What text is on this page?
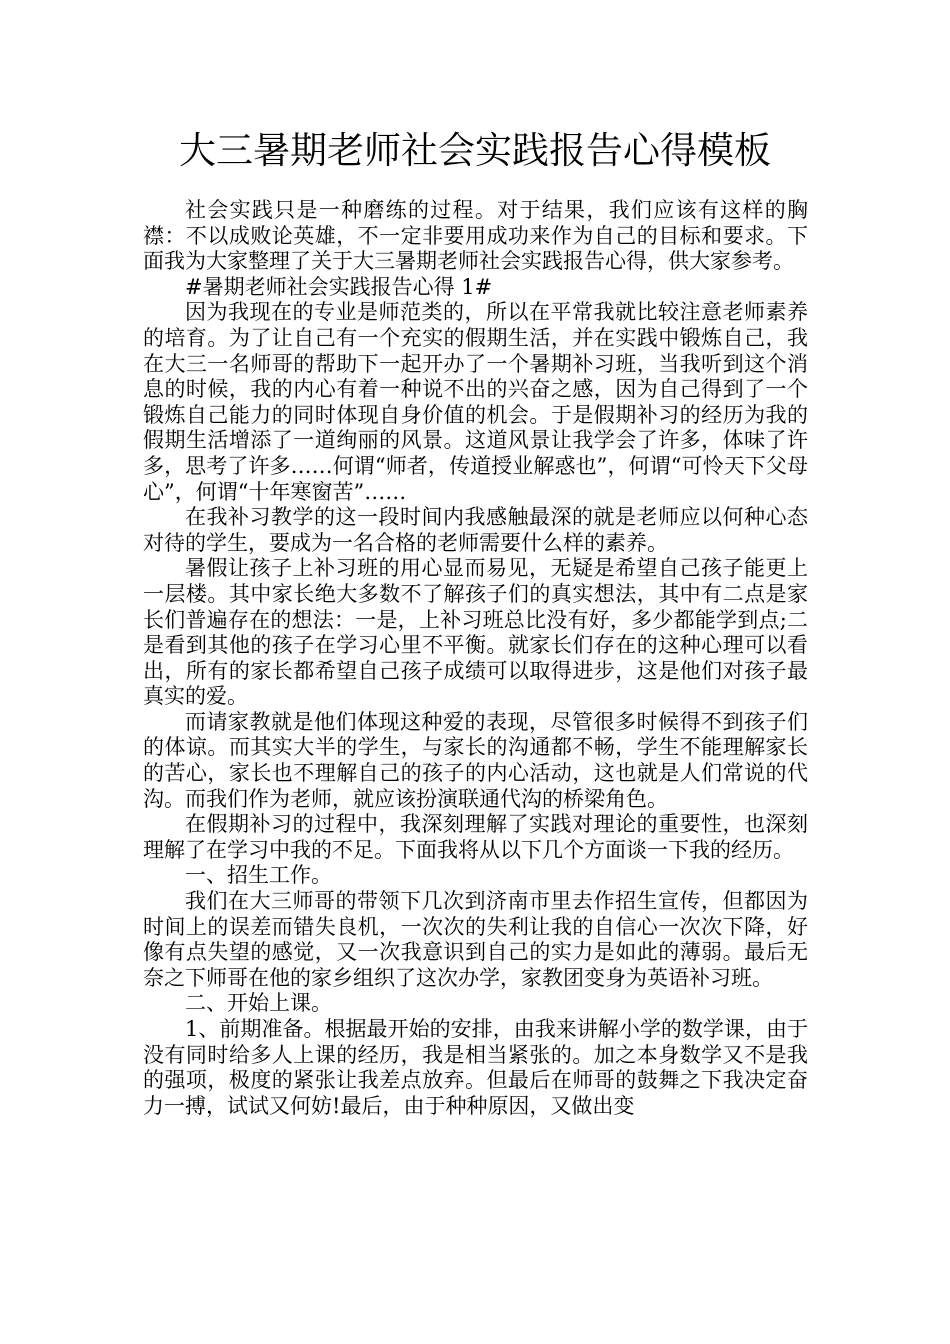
大三暑期老师社会实践报告心得模板

社会实践只是一种磨练的过程。对于结果，我们应该有这样的胸襟：不以成败论英雄，不一定非要用成功来作为自己的目标和要求。下面我为大家整理了关于大三暑期老师社会实践报告心得，供大家参考。

#暑期老师社会实践报告心得 1#

因为我现在的专业是师范类的，所以在平常我就比较注意老师素养的培育。为了让自己有一个充实的假期生活，并在实践中锻炼自己，我在大三一名师哥的帮助下一起开办了一个暑期补习班，当我听到这个消息的时候，我的内心有着一种说不出的兴奋之感，因为自己得到了一个锻炼自己能力的同时体现自身价值的机会。于是假期补习的经历为我的假期生活增添了一道绚丽的风景。这道风景让我学会了许多，体味了许多，思考了许多……何谓“师者，传道授业解惑也”，何谓“可怜天下父母心”，何谓“十年寒窗苦”……

在我补习教学的这一段时间内我感触最深的就是老师应以何种心态对待的学生，要成为一名合格的老师需要什么样的素养。

暑假让孩子上补习班的用心显而易见，无疑是希望自己孩子能更上一层楼。其中家长绝大多数不了解孩子们的真实想法，其中有二点是家长们普遍存在的想法：一是，上补习班总比没有好，多少都能学到点;二是看到其他的孩子在学习心里不平衡。就家长们存在的这种心理可以看出，所有的家长都希望自己孩子成绩可以取得进步，这是他们对孩子最真实的爱。

而请家教就是他们体现这种爱的表现，尽管很多时候得不到孩子们的体谅。而其实大半的学生，与家长的沟通都不畅，学生不能理解家长的苦心，家长也不理解自己的孩子的内心活动，这也就是人们常说的代沟。而我们作为老师，就应该扮演联通代沟的桥梁角色。

在假期补习的过程中，我深刻理解了实践对理论的重要性，也深刻理解了在学习中我的不足。下面我将从以下几个方面谈一下我的经历。

一、招生工作。

我们在大三师哥的带领下几次到济南市里去作招生宣传，但都因为时间上的误差而错失良机，一次次的失利让我的自信心一次次下降，好像有点失望的感觉，又一次我意识到自己的实力是如此的薄弱。最后无奈之下师哥在他的家乡组织了这次办学，家教团变身为英语补习班。

二、开始上课。

1、前期准备。根据最开始的安排，由我来讲解小学的数学课，由于没有同时给多人上课的经历，我是相当紧张的。加之本身数学又不是我的强项，极度的紧张让我差点放弃。但最后在师哥的鼓舞之下我决定奋力一搏，试试又何妨!最后，由于种种原因，又做出变
